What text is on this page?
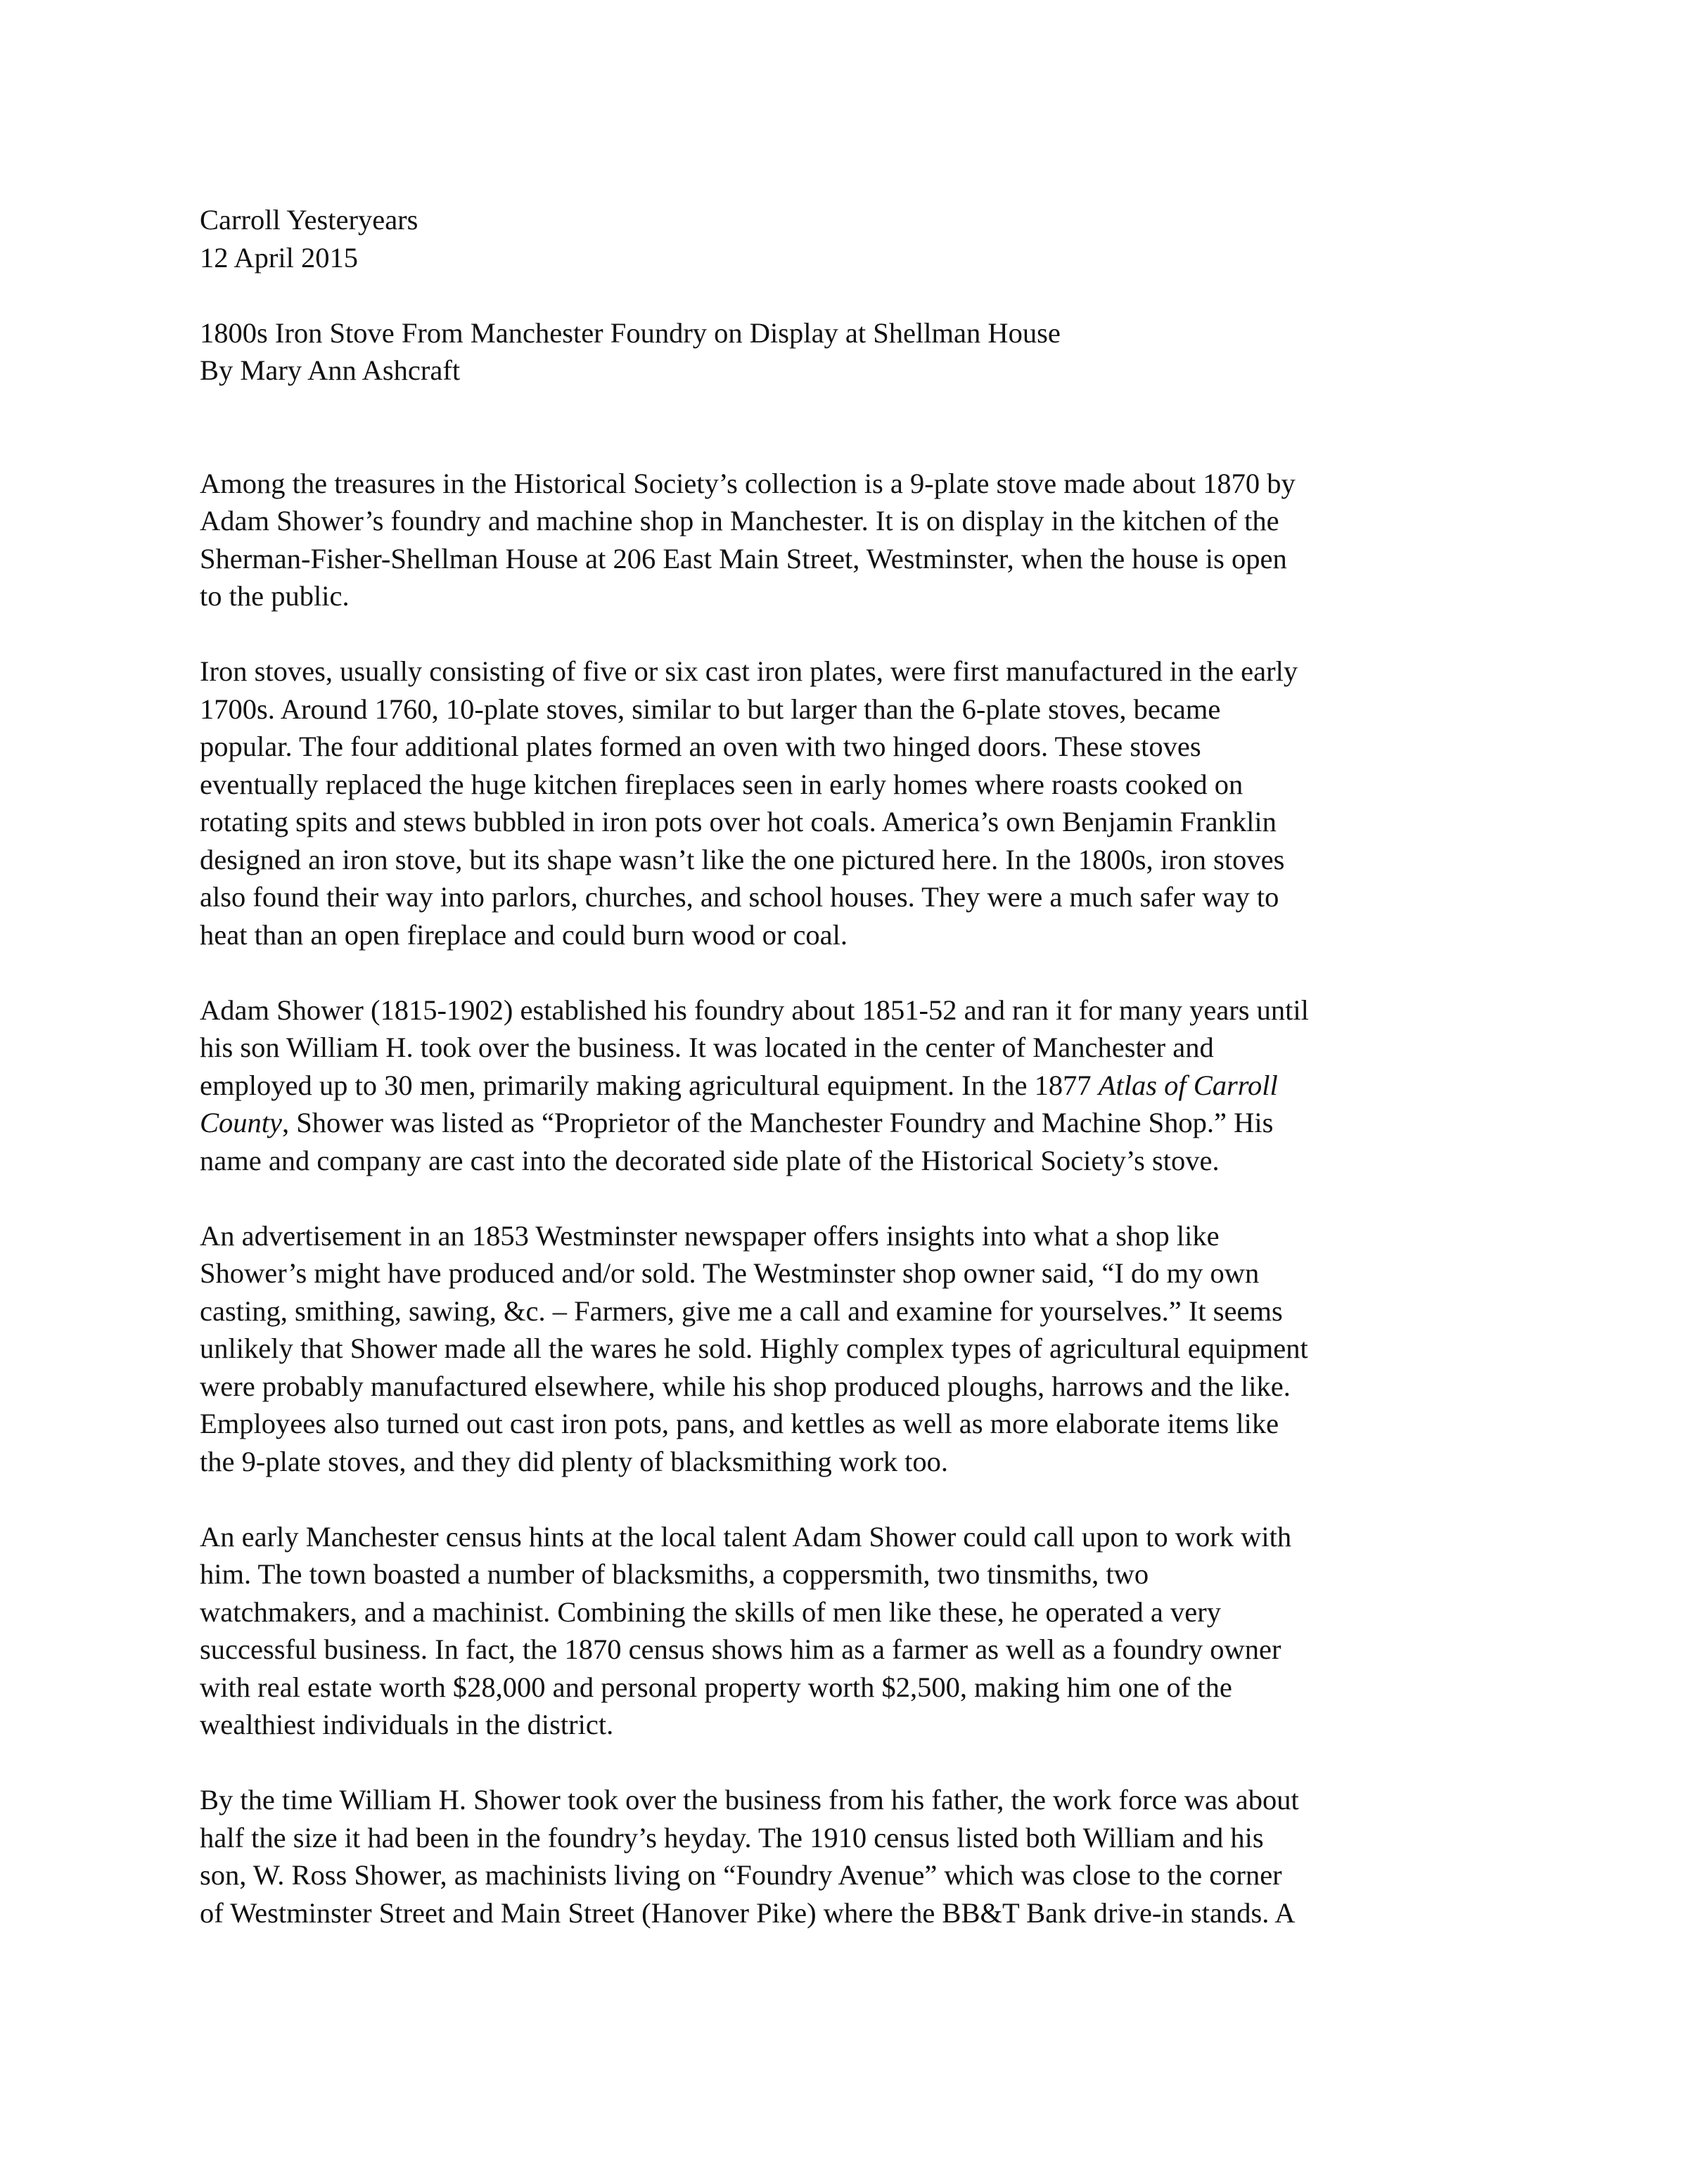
Carroll Yesteryears

12 April 2015

1800s Iron Stove From Manchester Foundry on Display at Shellman House

By Mary Ann Ashcraft

Among the treasures in the Historical Society’s collection is a 9-plate stove made about 1870 by
Adam Shower’s foundry and machine shop in Manchester. It is on display in the kitchen of the
Sherman-Fisher-Shellman House at 206 East Main Street, Westminster, when the house is open
to the public.
Iron stoves, usually consisting of five or six cast iron plates, were first manufactured in the early
1700s. Around 1760, 10-plate stoves, similar to but larger than the 6-plate stoves, became
popular. The four additional plates formed an oven with two hinged doors. These stoves
eventually replaced the huge kitchen fireplaces seen in early homes where roasts cooked on
rotating spits and stews bubbled in iron pots over hot coals. America’s own Benjamin Franklin
designed an iron stove, but its shape wasn’t like the one pictured here. In the 1800s, iron stoves
also found their way into parlors, churches, and school houses. They were a much safer way to
heat than an open fireplace and could burn wood or coal.
Adam Shower (1815-1902) established his foundry about 1851-52 and ran it for many years until
his son William H. took over the business. It was located in the center of Manchester and
employed up to 30 men, primarily making agricultural equipment. In the 1877 Atlas of Carroll
County, Shower was listed as “Proprietor of the Manchester Foundry and Machine Shop.” His
name and company are cast into the decorated side plate of the Historical Society’s stove.
An advertisement in an 1853 Westminster newspaper offers insights into what a shop like
Shower’s might have produced and/or sold. The Westminster shop owner said, “I do my own
casting, smithing, sawing, &c. – Farmers, give me a call and examine for yourselves.” It seems
unlikely that Shower made all the wares he sold. Highly complex types of agricultural equipment
were probably manufactured elsewhere, while his shop produced ploughs, harrows and the like.
Employees also turned out cast iron pots, pans, and kettles as well as more elaborate items like
the 9-plate stoves, and they did plenty of blacksmithing work too.
An early Manchester census hints at the local talent Adam Shower could call upon to work with
him. The town boasted a number of blacksmiths, a coppersmith, two tinsmiths, two
watchmakers, and a machinist. Combining the skills of men like these, he operated a very
successful business. In fact, the 1870 census shows him as a farmer as well as a foundry owner
with real estate worth $28,000 and personal property worth $2,500, making him one of the
wealthiest individuals in the district.
By the time William H. Shower took over the business from his father, the work force was about
half the size it had been in the foundry’s heyday. The 1910 census listed both William and his
son, W. Ross Shower, as machinists living on “Foundry Avenue” which was close to the corner
of Westminster Street and Main Street (Hanover Pike) where the BB&T Bank drive-in stands. A
